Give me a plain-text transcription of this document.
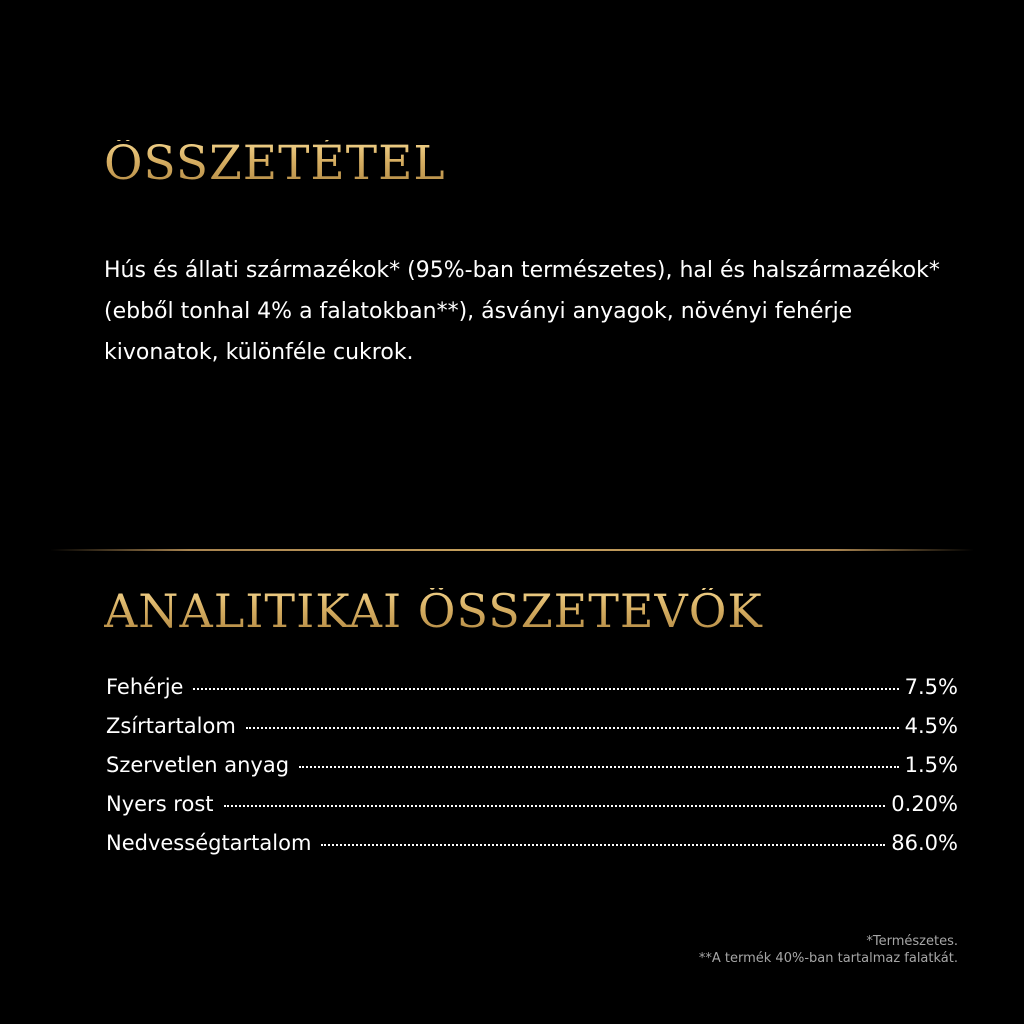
ÖSSZETÉTEL

Hús és állati származékok* (95%-ban természetes), hal és halszármazékok* (ebből tonhal 4% a falatokban**), ásványi anyagok, növényi fehérje kivonatok, különféle cukrok.

ANALITIKAI ÖSSZETEVŐK
Fehérje	7.5%
Zsírtartalom	4.5%
Szervetlen anyag	1.5%
Nyers rost	0.20%
Nedvességtartalom	86.0%
*Természetes.
**A termék 40%-ban tartalmaz falatkát.
